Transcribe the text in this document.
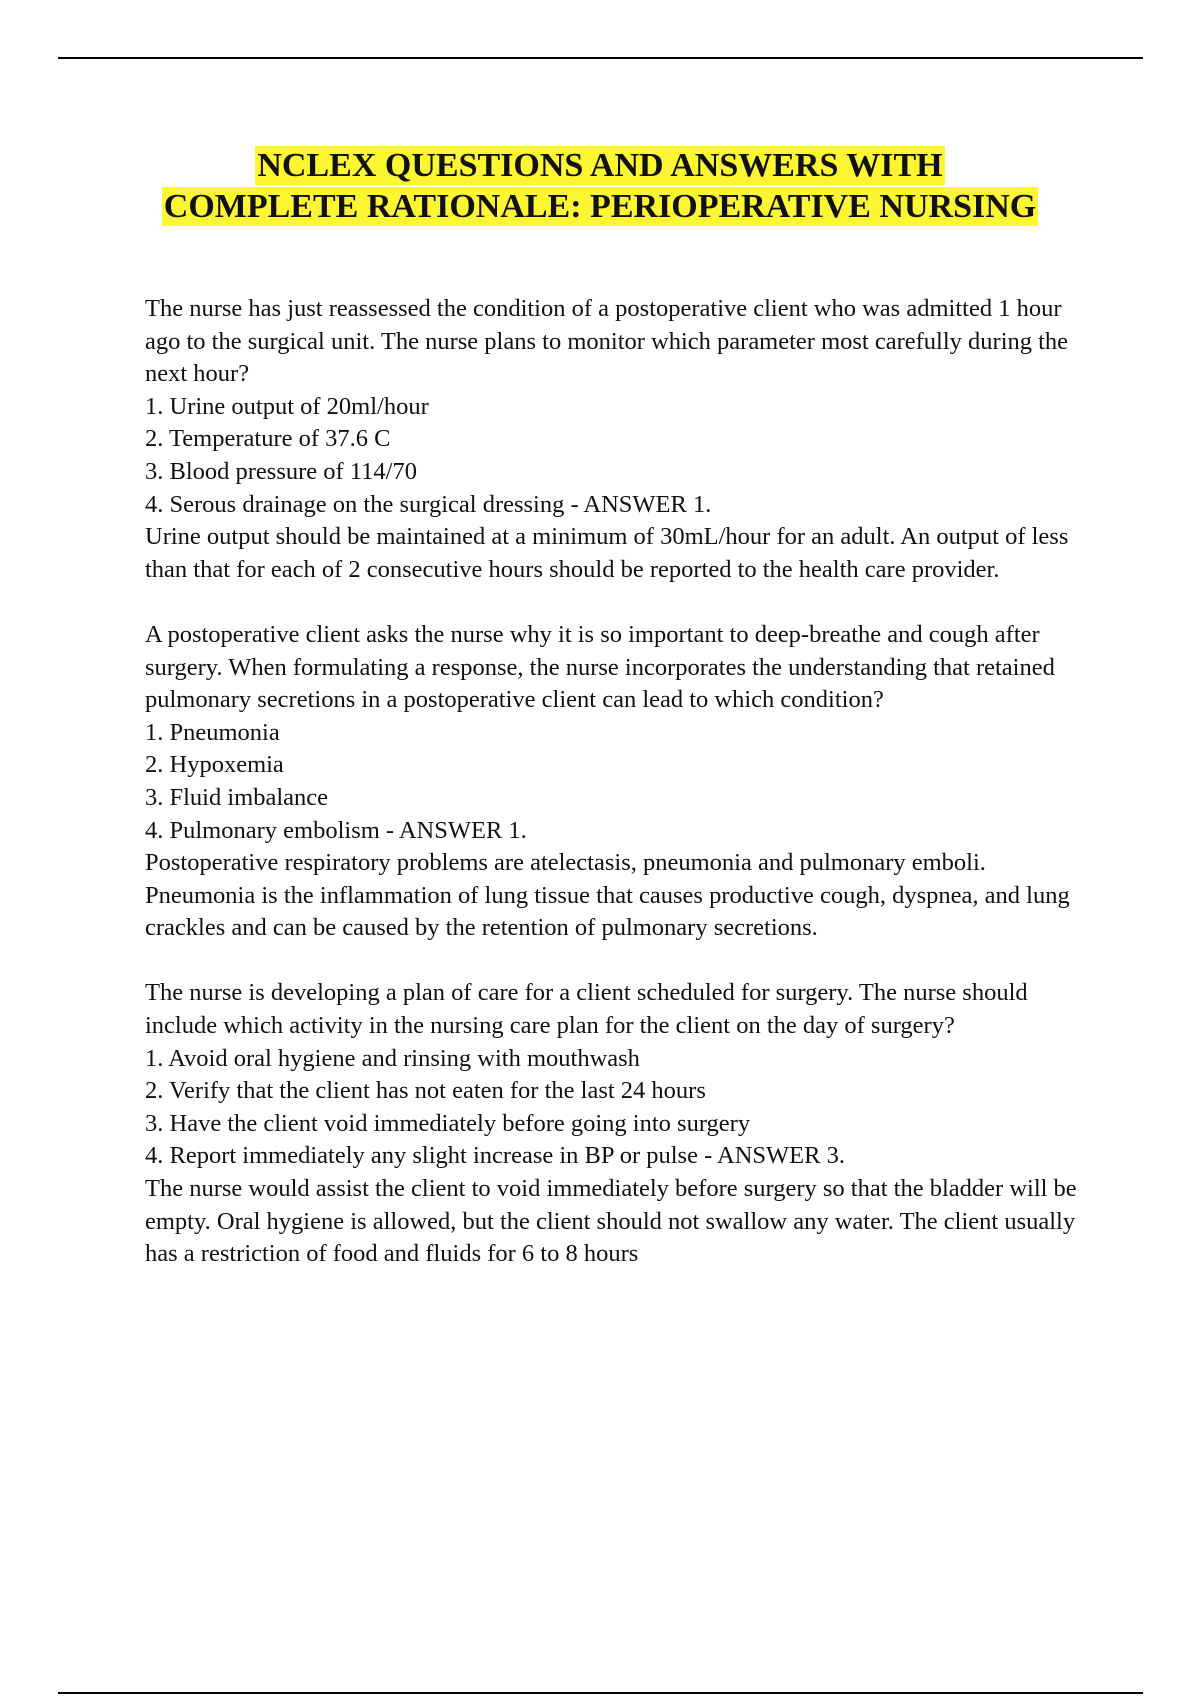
NCLEX QUESTIONS AND ANSWERS WITH
COMPLETE RATIONALE: PERIOPERATIVE NURSING

The nurse has just reassessed the condition of a postoperative client who was admitted 1 hour ago to the surgical unit. The nurse plans to monitor which parameter most carefully during the next hour?

1. Urine output of 20ml/hour
2. Temperature of 37.6 C
3. Blood pressure of 114/70
4. Serous drainage on the surgical dressing - ANSWER 1.

Urine output should be maintained at a minimum of 30mL/hour for an adult. An output of less than that for each of 2 consecutive hours should be reported to the health care provider.

A postoperative client asks the nurse why it is so important to deep-breathe and cough after surgery. When formulating a response, the nurse incorporates the understanding that retained pulmonary secretions in a postoperative client can lead to which condition?

1. Pneumonia
2. Hypoxemia
3. Fluid imbalance
4. Pulmonary embolism - ANSWER 1.

Postoperative respiratory problems are atelectasis, pneumonia and pulmonary emboli. Pneumonia is the inflammation of lung tissue that causes productive cough, dyspnea, and lung crackles and can be caused by the retention of pulmonary secretions.

The nurse is developing a plan of care for a client scheduled for surgery. The nurse should include which activity in the nursing care plan for the client on the day of surgery?

1. Avoid oral hygiene and rinsing with mouthwash
2. Verify that the client has not eaten for the last 24 hours
3. Have the client void immediately before going into surgery
4. Report immediately any slight increase in BP or pulse - ANSWER 3.

The nurse would assist the client to void immediately before surgery so that the bladder will be empty. Oral hygiene is allowed, but the client should not swallow any water. The client usually has a restriction of food and fluids for 6 to 8 hours
